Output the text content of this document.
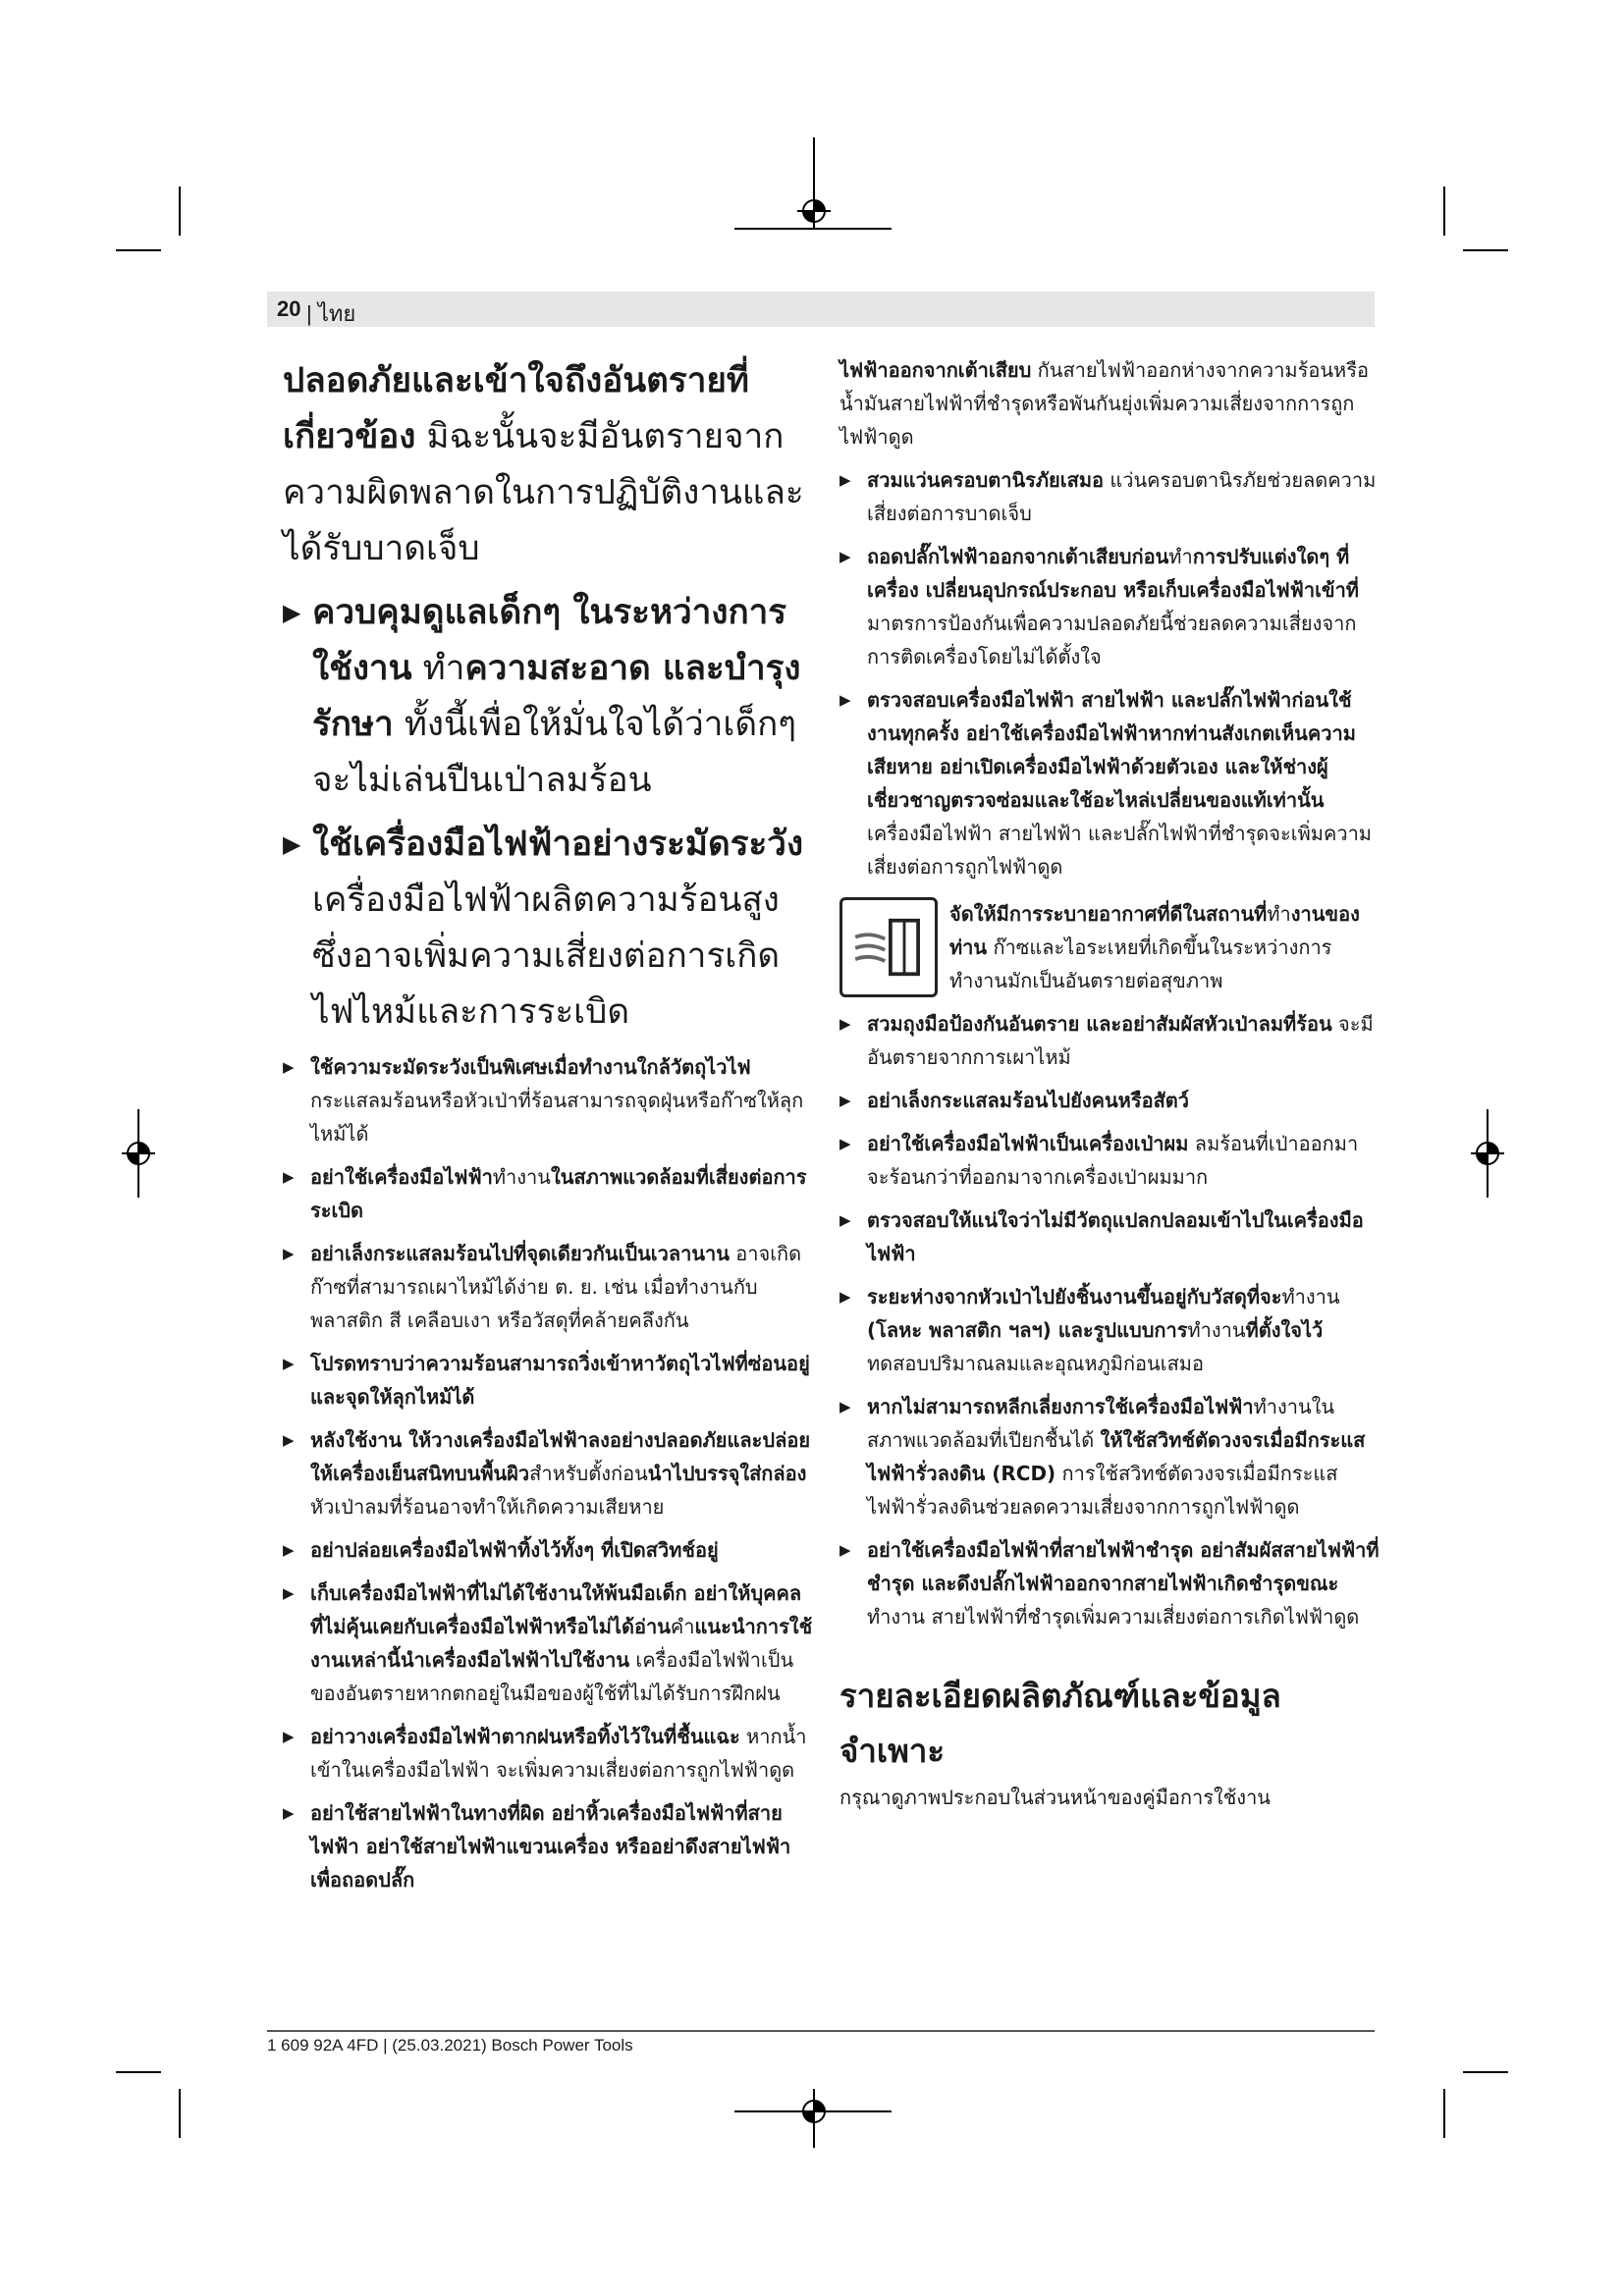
20 | ไทย

ปลอดภัยและเข้าใจถึงอันตรายที่เกี่ยวข้อง มิฉะนั้นจะมีอันตรายจากความผิดพลาดในการปฏิบัติงานและได้รับบาดเจ็บ

▶ ควบคุมดูแลเด็กๆ ในระหว่างการใช้งาน ทำความสะอาด และบำรุงรักษา ทั้งนี้เพื่อให้มั่นใจได้ว่าเด็กๆ จะไม่เล่นปืนเป่าลมร้อน
▶ ใช้เครื่องมือไฟฟ้าอย่างระมัดระวัง เครื่องมือไฟฟ้าผลิตความร้อนสูง ซึ่งอาจเพิ่มความเสี่ยงต่อการเกิดไฟไหม้และการระเบิด
▶ ใช้ความระมัดระวังเป็นพิเศษเมื่อทำงานใกล้วัตถุไวไฟ กระแสลมร้อนหรือหัวเป่าที่ร้อนสามารถจุดฝุ่นหรือก๊าซให้ลุกไหม้ได้
▶ อย่าใช้เครื่องมือไฟฟ้าทำงานในสภาพแวดล้อมที่เสี่ยงต่อการระเบิด
▶ อย่าเล็งกระแสลมร้อนไปที่จุดเดียวกันเป็นเวลานาน อาจเกิดก๊าซที่สามารถเผาไหม้ได้ง่าย ต. ย. เช่น เมื่อทำงานกับพลาสติก สี เคลือบเงา หรือวัสดุที่คล้ายคลึงกัน
▶ โปรดทราบว่าความร้อนสามารถวิ่งเข้าหาวัตถุไวไฟที่ซ่อนอยู่และจุดให้ลุกไหม้ได้
▶ หลังใช้งาน ให้วางเครื่องมือไฟฟ้าลงอย่างปลอดภัยและปล่อยให้เครื่องเย็นสนิทบนพื้นผิวสำหรับตั้งก่อนนำไปบรรจุใส่กล่อง หัวเป่าลมที่ร้อนอาจทำให้เกิดความเสียหาย
▶ อย่าปล่อยเครื่องมือไฟฟ้าทิ้งไว้ทั้งๆ ที่เปิดสวิทช์อยู่
▶ เก็บเครื่องมือไฟฟ้าที่ไม่ได้ใช้งานให้พ้นมือเด็ก อย่าให้บุคคลที่ไม่คุ้นเคยกับเครื่องมือไฟฟ้าหรือไม่ได้อ่านคำแนะนำการใช้งานเหล่านี้นำเครื่องมือไฟฟ้าไปใช้งาน เครื่องมือไฟฟ้าเป็นของอันตรายหากตกอยู่ในมือของผู้ใช้ที่ไม่ได้รับการฝึกฝน
▶ อย่าวางเครื่องมือไฟฟ้าตากฝนหรือทิ้งไว้ในที่ชื้นแฉะ หากน้ำเข้าในเครื่องมือไฟฟ้า จะเพิ่มความเสี่ยงต่อการถูกไฟฟ้าดูด
▶ อย่าใช้สายไฟฟ้าในทางที่ผิด อย่าหิ้วเครื่องมือไฟฟ้าที่สายไฟฟ้า อย่าใช้สายไฟฟ้าแขวนเครื่อง หรืออย่าดึงสายไฟฟ้าเพื่อถอดปลั๊ก
ไฟฟ้าออกจากเต้าเสียบ กันสายไฟฟ้าออกห่างจากความร้อนหรือน้ำมันสายไฟฟ้าที่ชำรุดหรือพันกันยุ่งเพิ่มความเสี่ยงจากการถูกไฟฟ้าดูด
▶ สวมแว่นครอบตานิรภัยเสมอ แว่นครอบตานิรภัยช่วยลดความเสี่ยงต่อการบาดเจ็บ
▶ ถอดปลั๊กไฟฟ้าออกจากเต้าเสียบก่อนทำการปรับแต่งใดๆ ที่เครื่อง เปลี่ยนอุปกรณ์ประกอบ หรือเก็บเครื่องมือไฟฟ้าเข้าที่
มาตรการป้องกันเพื่อความปลอดภัยนี้ช่วยลดความเสี่ยงจากการติดเครื่องโดยไม่ได้ตั้งใจ
▶ ตรวจสอบเครื่องมือไฟฟ้า สายไฟฟ้า และปลั๊กไฟฟ้าก่อนใช้งานทุกครั้ง อย่าใช้เครื่องมือไฟฟ้าหากท่านสังเกตเห็นความเสียหาย อย่าเปิดเครื่องมือไฟฟ้าด้วยตัวเอง และให้ช่างผู้เชี่ยวชาญตรวจซ่อมและใช้อะไหล่เปลี่ยนของแท้เท่านั้น เครื่องมือไฟฟ้า สายไฟฟ้า และปลั๊กไฟฟ้าที่ชำรุดจะเพิ่มความเสี่ยงต่อการถูกไฟฟ้าดูด
จัดให้มีการระบายอากาศที่ดีในสถานที่ทำงานของท่าน ก๊าซและไอระเหยที่เกิดขึ้นในระหว่างการทำงานมักเป็นอันตรายต่อสุขภาพ
▶ สวมถุงมือป้องกันอันตราย และอย่าสัมผัสหัวเป่าลมที่ร้อน จะมีอันตรายจากการเผาไหม้
▶ อย่าเล็งกระแสลมร้อนไปยังคนหรือสัตว์
▶ อย่าใช้เครื่องมือไฟฟ้าเป็นเครื่องเป่าผม ลมร้อนที่เป่าออกมาจะร้อนกว่าที่ออกมาจากเครื่องเป่าผมมาก
▶ ตรวจสอบให้แน่ใจว่าไม่มีวัตถุแปลกปลอมเข้าไปในเครื่องมือไฟฟ้า
▶ ระยะห่างจากหัวเป่าไปยังชิ้นงานขึ้นอยู่กับวัสดุที่จะทำงาน (โลหะ พลาสติก ฯลฯ) และรูปแบบการทำงานที่ตั้งใจไว้ ทดสอบปริมาณลมและอุณหภูมิก่อนเสมอ
▶ หากไม่สามารถหลีกเลี่ยงการใช้เครื่องมือไฟฟ้าทำงานในสภาพแวดล้อมที่เปียกชื้นได้ ให้ใช้สวิทช์ตัดวงจรเมื่อมีกระแสไฟฟ้ารั่วลงดิน (RCD) การใช้สวิทช์ตัดวงจรเมื่อมีกระแสไฟฟ้ารั่วลงดินช่วยลดความเสี่ยงจากการถูกไฟฟ้าดูด
▶ อย่าใช้เครื่องมือไฟฟ้าที่สายไฟฟ้าชำรุด อย่าสัมผัสสายไฟฟ้าที่ชำรุด และดึงปลั๊กไฟฟ้าออกจากสายไฟฟ้าเกิดชำรุดขณะทำงาน สายไฟฟ้าที่ชำรุดเพิ่มความเสี่ยงต่อการเกิดไฟฟ้าดูด
รายละเอียดผลิตภัณฑ์และข้อมูลจำเพาะ
กรุณาดูภาพประกอบในส่วนหน้าของคู่มือการใช้งาน
1 609 92A 4FD | (25.03.2021) Bosch Power Tools
